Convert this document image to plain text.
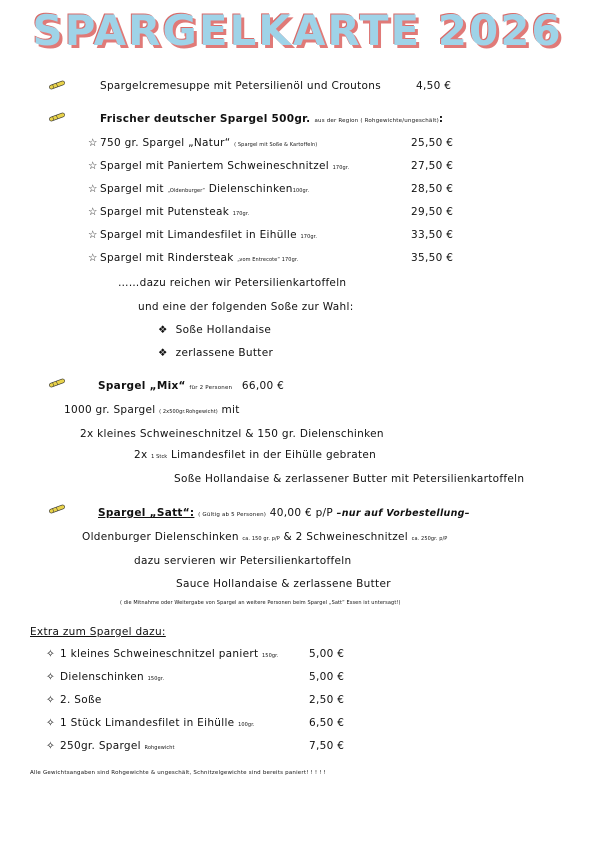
SPARGELKARTE 2026
Spargelcremesuppe mit Petersilienöl und Croutons	4,50 €
Frischer deutscher Spargel 500gr. aus der Region ( Rohgewichte/ungeschält):
☆ 750 gr. Spargel „Natur“ ( Spargel mit Soße & Kartoffeln)	25,50 €
☆ Spargel mit Paniertem Schweineschnitzel 170gr.	27,50 €
☆ Spargel mit „Oldenburger“ Dielenschinken100gr.	28,50 €
☆ Spargel mit Putensteak 170gr.	29,50 €
☆ Spargel mit Limandesfilet in Eihülle 170gr.	33,50 €
☆ Spargel mit Rindersteak „vom Entrecote“ 170gr.	35,50 €
……dazu reichen wir Petersilienkartoffeln
und eine der folgenden Soße zur Wahl:
❖ Soße Hollandaise
❖ zerlassene Butter
Spargel „Mix“ für 2 Personen 66,00 €
1000 gr. Spargel ( 2x500gr.Rohgewicht) mit
2x kleines Schweineschnitzel & 150 gr. Dielenschinken
2x 1 Stck Limandesfilet in der Eihülle gebraten
Soße Hollandaise & zerlassener Butter mit Petersilienkartoffeln
Spargel „Satt“: ( Gültig ab 5 Personen) 40,00 € p/P –nur auf Vorbestellung–
Oldenburger Dielenschinken ca. 150 gr. p/P & 2 Schweineschnitzel ca. 250gr. p/P
dazu servieren wir Petersilienkartoffeln
Sauce Hollandaise & zerlassene Butter
( die Mitnahme oder Weitergabe von Spargel an weitere Personen beim Spargel „Satt“ Essen ist untersagt!)
Extra zum Spargel dazu:
✧ 1 kleines Schweineschnitzel paniert 150gr.	5,00 €
✧ Dielenschinken 150gr.	5,00 €
✧ 2. Soße	2,50 €
✧ 1 Stück Limandesfilet in Eihülle 100gr.	6,50 €
✧ 250gr. Spargel Rohgewicht	7,50 €
Alle Gewichtsangaben sind Rohgewichte & ungeschält, Schnitzelgewichte sind bereits paniert! ! ! ! !
